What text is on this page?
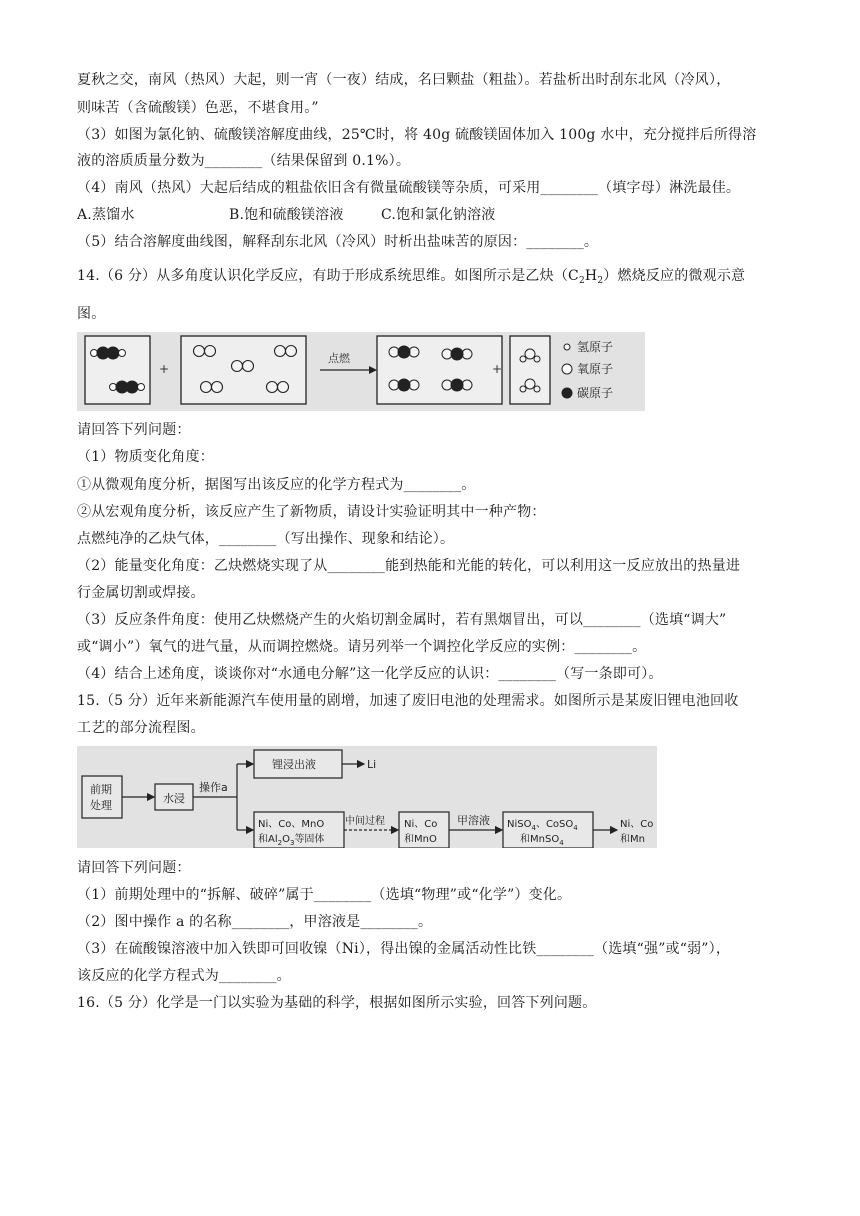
夏秋之交，南风（热风）大起，则一宵（一夜）结成，名曰颗盐（粗盐）。若盐析出时刮东北风（冷风），
则味苦（含硫酸镁）色恶，不堪食用。”
（3）如图为氯化钠、硫酸镁溶解度曲线，25℃时，将 40g 硫酸镁固体加入 100g 水中，充分搅拌后所得溶
液的溶质质量分数为________（结果保留到 0.1%）。
（4）南风（热风）大起后结成的粗盐依旧含有微量硫酸镁等杂质，可采用________（填字母）淋洗最佳。
A.蒸馏水	B.饱和硫酸镁溶液	C.饱和氯化钠溶液
（5）结合溶解度曲线图，解释刮东北风（冷风）时析出盐味苦的原因：________。
14.（6 分）从多角度认识化学反应，有助于形成系统思维。如图所示是乙炔$(C_2H_2)$燃烧反应的微观示意
图。
+
点燃
+
氢原子
氧原子
碳原子
请回答下列问题：
（1）物质变化角度：
①从微观角度分析，据图写出该反应的化学方程式为________。
②从宏观角度分析，该反应产生了新物质，请设计实验证明其中一种产物：
点燃纯净的乙炔气体，________（写出操作、现象和结论）。
（2）能量变化角度：乙炔燃烧实现了从________能到热能和光能的转化，可以利用这一反应放出的热量进
行金属切割或焊接。
（3）反应条件角度：使用乙炔燃烧产生的火焰切割金属时，若有黑烟冒出，可以________（选填“调大”
或“调小”）氧气的进气量，从而调控燃烧。请另列举一个调控化学反应的实例：________。
（4）结合上述角度，谈谈你对“水通电分解”这一化学反应的认识：________（写一条即可）。
15.（5 分）近年来新能源汽车使用量的剧增，加速了废旧电池的处理需求。如图所示是某废旧锂电池回收
工艺的部分流程图。
前期
处理
水浸
操作a
锂浸出液	Li
Ni、Co、MnO
和$Al_2O_3$等固体
中间过程 Ni、Co
和MnO
甲溶液 NiSO$_4$、CoSO$_4$
和MnSO$_4$
Ni、Co
和Mn
请回答下列问题：
（1）前期处理中的“拆解、破碎”属于________（选填“物理”或“化学”）变化。
（2）图中操作 a 的名称________，甲溶液是________。
（3）在硫酸镍溶液中加入铁即可回收镍（Ni），得出镍的金属活动性比铁________（选填“强”或“弱”），
该反应的化学方程式为________。
16.（5 分）化学是一门以实验为基础的科学，根据如图所示实验，回答下列问题。
